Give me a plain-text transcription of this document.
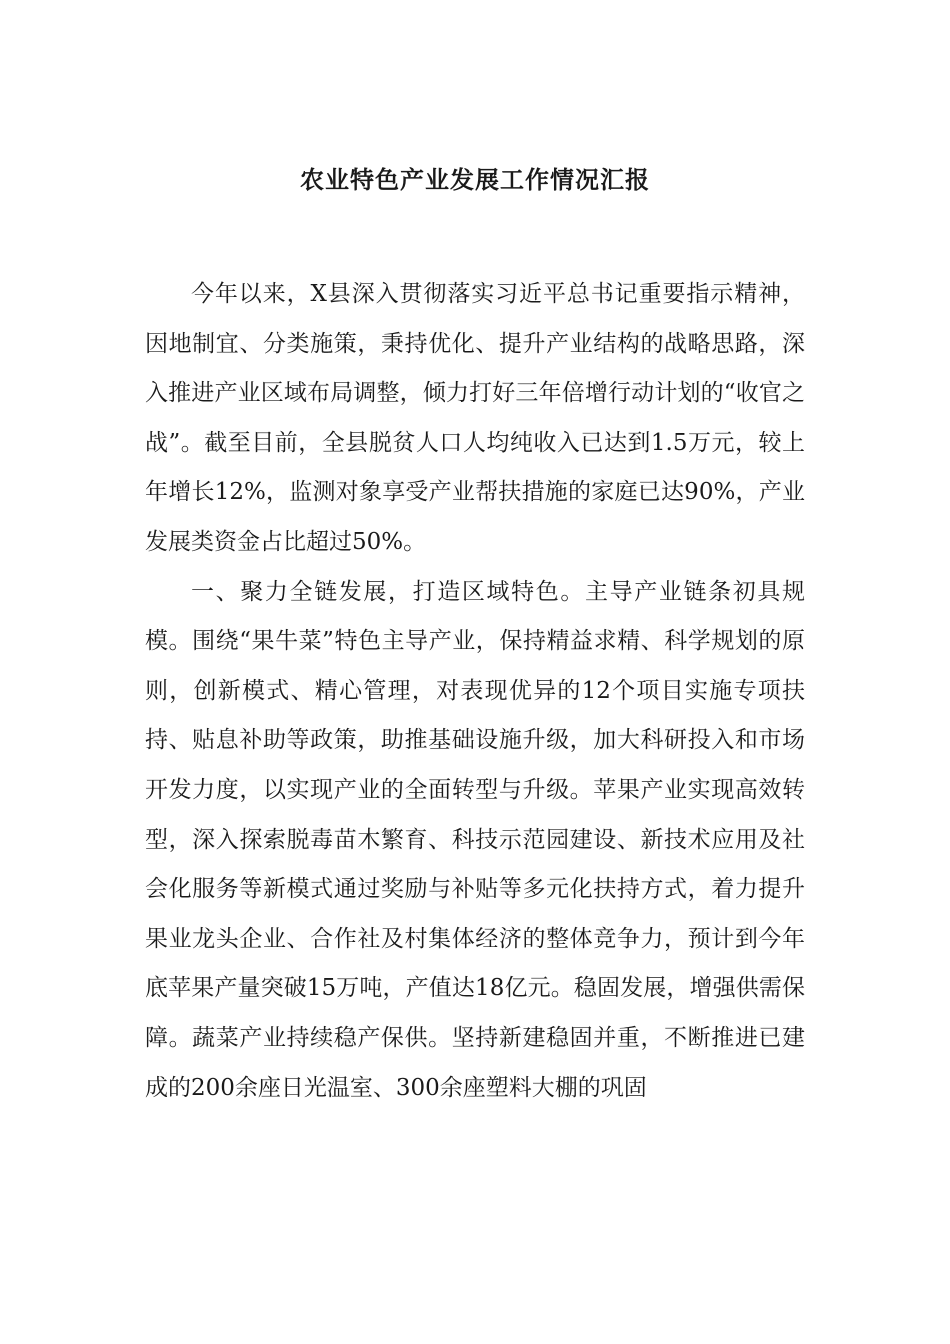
农业特色产业发展工作情况汇报

今年以来，X县深入贯彻落实习近平总书记重要指示精神，因地制宜、分类施策，秉持优化、提升产业结构的战略思路，深入推进产业区域布局调整，倾力打好三年倍增行动计划的“收官之战”。截至目前，全县脱贫人口人均纯收入已达到1.5万元，较上年增长12%，监测对象享受产业帮扶措施的家庭已达90%，产业发展类资金占比超过50%。

一、聚力全链发展，打造区域特色。主导产业链条初具规模。围绕“果牛菜”特色主导产业，保持精益求精、科学规划的原则，创新模式、精心管理，对表现优异的12个项目实施专项扶持、贴息补助等政策，助推基础设施升级，加大科研投入和市场开发力度，以实现产业的全面转型与升级。苹果产业实现高效转型，深入探索脱毒苗木繁育、科技示范园建设、新技术应用及社会化服务等新模式通过奖励与补贴等多元化扶持方式，着力提升果业龙头企业、合作社及村集体经济的整体竞争力，预计到今年底苹果产量突破15万吨，产值达18亿元。稳固发展，增强供需保障。蔬菜产业持续稳产保供。坚持新建稳固并重，不断推进已建成的200余座日光温室、300余座塑料大棚的巩固
